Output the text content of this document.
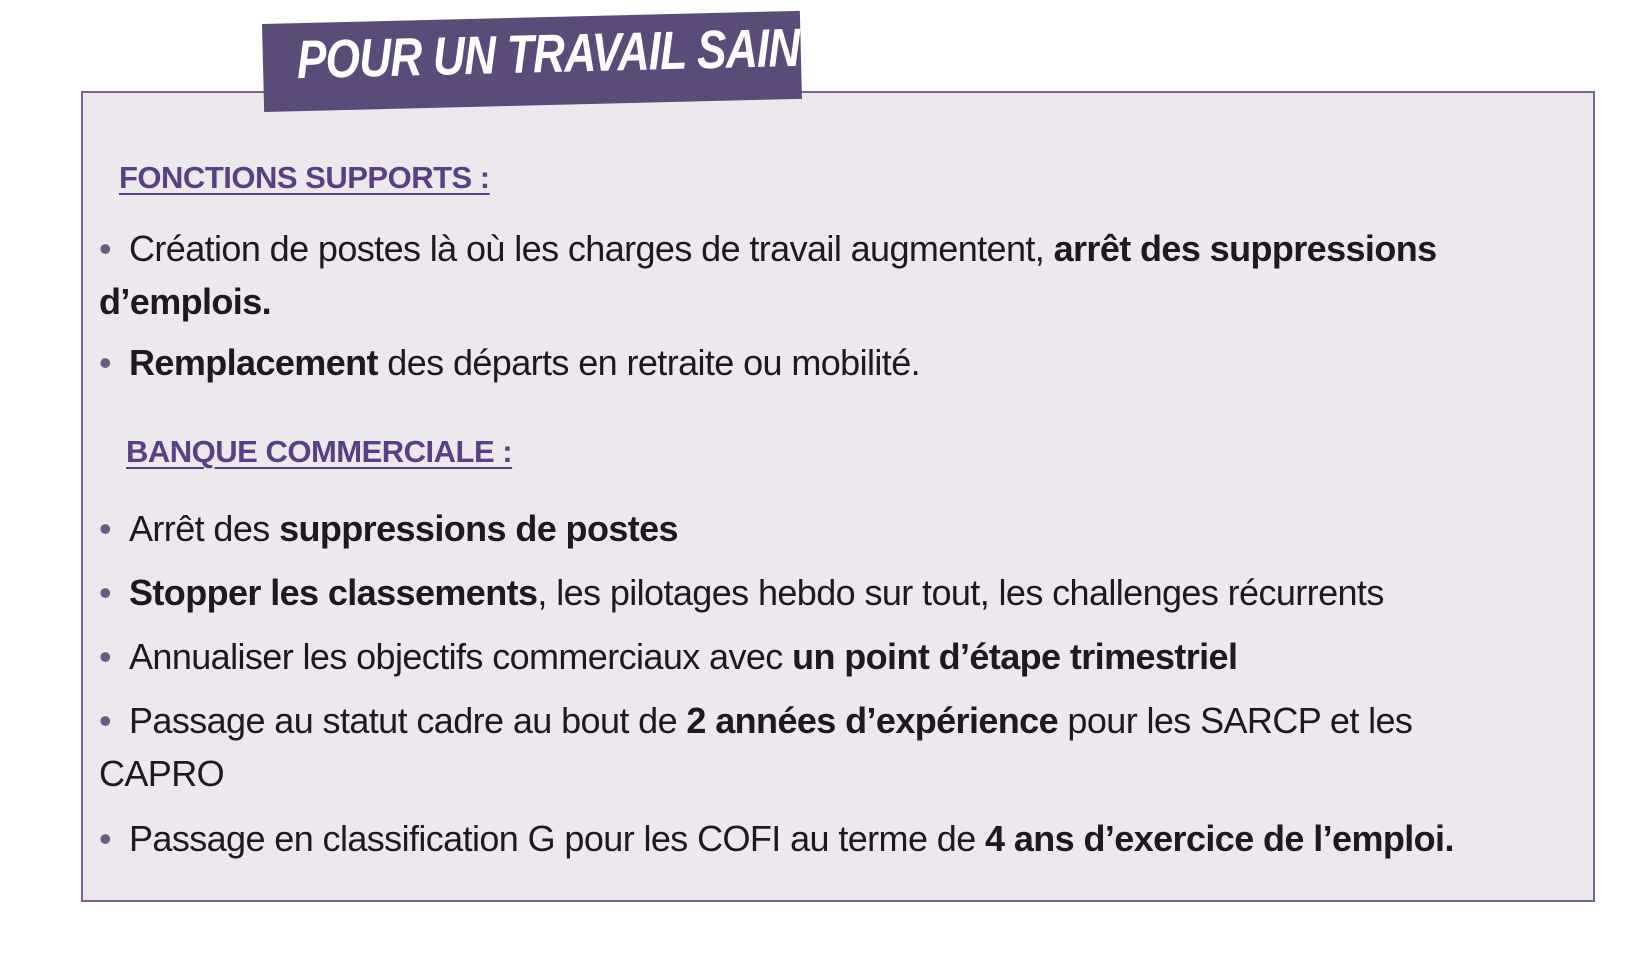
POUR UN TRAVAIL SAIN
FONCTIONS SUPPORTS :

• Création de postes là où les charges de travail augmentent, arrêt des suppressions d’emplois.

• Remplacement des départs en retraite ou mobilité.

BANQUE COMMERCIALE :

• Arrêt des suppressions de postes

• Stopper les classements, les pilotages hebdo sur tout, les challenges récurrents

• Annualiser les objectifs commerciaux avec un point d’étape trimestriel

• Passage au statut cadre au bout de 2 années d’expérience pour les SARCP et les CAPRO

• Passage en classification G pour les COFI au terme de 4 ans d’exercice de l’emploi.
